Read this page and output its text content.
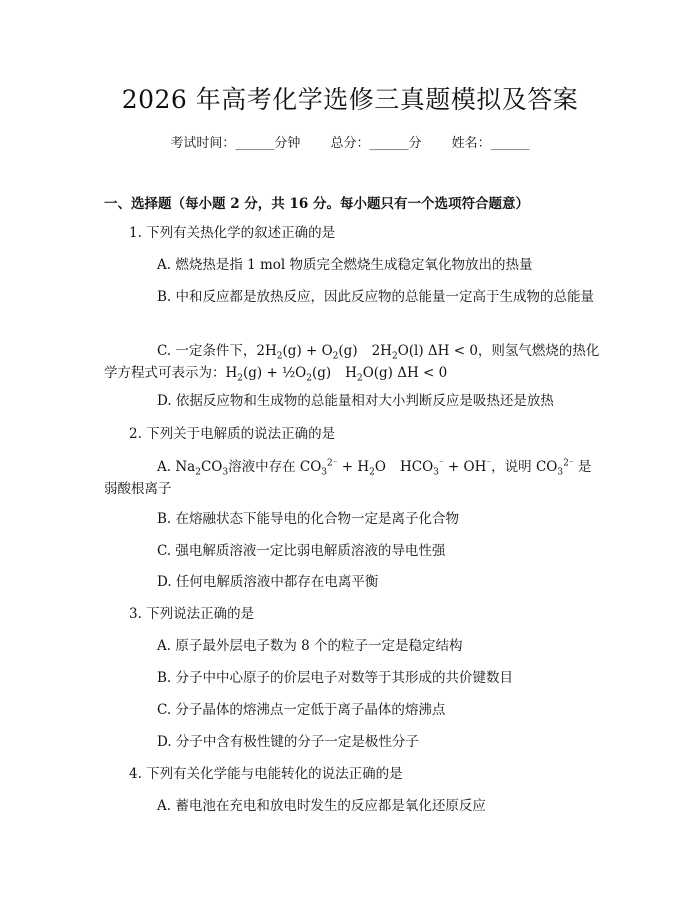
2026 年高考化学选修三真题模拟及答案
考试时间：______分钟 总分：______分 姓名：______
一、选择题（每小题 2 分，共 16 分。每小题只有一个选项符合题意）
1. 下列有关热化学的叙述正确的是
A. 燃烧热是指 1 mol 物质完全燃烧生成稳定氧化物放出的热量
B. 中和反应都是放热反应，因此反应物的总能量一定高于生成物的总能量
C. 一定条件下，$2H_2(g) + O_2(g)$ $2H_2O(l) \Delta H < 0$，则氢气燃烧的热化学方程式可表示为：$H_2(g)$ + $\frac{1}{2}O_2(g)$ $H_2O(g) \Delta H < 0$
D. 依据反应物和生成物的总能量相对大小判断反应是吸热还是放热
2. 下列关于电解质的说法正确的是
A. $Na_2CO_3$溶液中存在 $CO_3^{2^-} + H_2O$ $HCO_3^{^-} + OH^{^-}$，说明 $CO_3^{2^-}$ 是弱酸根离子
B. 在熔融状态下能导电的化合物一定是离子化合物
C. 强电解质溶液一定比弱电解质溶液的导电性强
D. 任何电解质溶液中都存在电离平衡
3. 下列说法正确的是
A. 原子最外层电子数为 8 个的粒子一定是稳定结构
B. 分子中中心原子的价层电子对数等于其形成的共价键数目
C. 分子晶体的熔沸点一定低于离子晶体的熔沸点
D. 分子中含有极性键的分子一定是极性分子
4. 下列有关化学能与电能转化的说法正确的是
A. 蓄电池在充电和放电时发生的反应都是氧化还原反应
